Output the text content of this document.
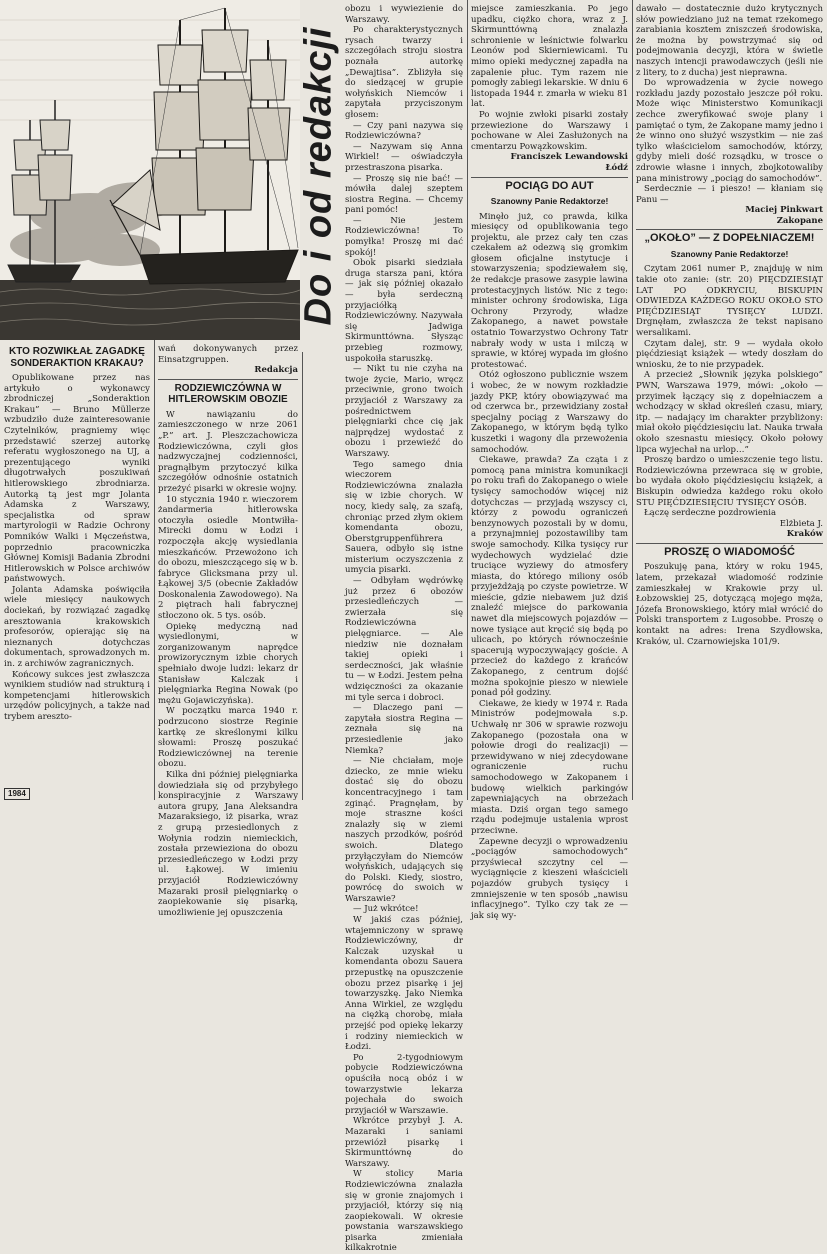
Do i od redakcji
KTO ROZWIKŁAŁ ZAGADKĘ SONDERAKTION KRAKAU?

Opublikowane przez nas artykuło o wykonawcy zbrodniczej „Sonderaktion Krakau” — Bruno Müllerze wzbudziło duże zainteresowanie Czytelników, pragniemy więc przedstawić szerzej autorkę referatu wygłoszonego na UJ, a prezentującego wyniki długotrwałych poszukiwań hitlerowskiego zbrodniarza. Autorką tą jest mgr Jolanta Adamska z Warszawy, specjalistka od spraw martyrologii w Radzie Ochrony Pomników Walki i Męczeństwa, poprzednio pracowniczka Głównej Komisji Badania Zbrodni Hitlerowskich w Polsce archiwów państwowych.

Jolanta Adamska poświęciła wiele miesięcy naukowych dociekań, by rozwiązać zagadkę aresztowania krakowskich profesorów, opierając się na nieznanych dotychczas dokumentach, sprowadzonych m. in. z archiwów zagranicznych.

Końcowy sukces jest zwłaszcza wynikiem studiów nad strukturą i kompetencjami hitlerowskich urzędów policyjnych, a także nad trybem areszto-

1984

wań dokonywanych przez Einsatzgruppen.

Redakcja
RODZIEWICZÓWNA W HITLEROWSKIM OBOZIE

W nawiązaniu do zamieszczonego w nrze 2061 „P.” art. J. Pleszczachowicza Rodziewiczówna, czyli głos nadzwyczajnej codzienności, pragnąłbym przytoczyć kilka szczegółów odnośnie ostatnich przeżyć pisarki w okresie wojny.

10 stycznia 1940 r. wieczorem żandarmeria hitlerowska otoczyła osiedle Montwiłła-Mirecki domu w Łodzi i rozpoczęła akcję wysiedlania mieszkańców. Przewożono ich do obozu, mieszczącego się w b. fabryce Glicksmana przy ul. Łąkowej 3/5 (obecnie Zakładów Doskonalenia Zawodowego). Na 2 piętrach hali fabrycznej stłoczono ok. 5 tys. osób.

Opiekę medyczną nad wysiedlonymi, w zorganizowanym naprędce prowizorycznym izbie chorych spełniało dwoje ludzi: lekarz dr Stanisław Kalczak i pielęgniarka Regina Nowak (po mężu Gojawiczyńska).

W początku marca 1940 r. podrzucono siostrze Reginie kartkę ze skreślonymi kilku słowami: Proszę poszukać Rodziewiczównej na terenie obozu.

Kilka dni później pielęgniarka dowiedziała się od przybyłego konspiracyjnie z Warszawy autora grupy, Jana Aleksandra Mazaraksiego, iż pisarka, wraz z grupą przesiedlonych z Wołynia rodzin niemieckich, została przewieziona do obozu przesiedleńczego w Łodzi przy ul. Łąkowej. W imieniu przyjaciół Rodziewiczówny Mazaraki prosił pielęgniarkę o zaopiekowanie się pisarką, umożliwienie jej opuszczenia

obozu i wywiezienie do Warszawy.

Po charakterystycznych rysach twarzy i szczegółach stroju siostra poznała autorkę „Dewajtisa”. Zbliżyła się do siedzącej w grupie wołyńskich Niemców i zapytała przyciszonym głosem:

— Czy pani nazywa się Rodziewiczówna?

— Nazywam się Anna Wirkiel! — oświadczyła przestraszona pisarka.

— Proszę się nie bać! — mówiła dalej szeptem siostra Regina. — Chcemy pani pomóc!

— Nie jestem Rodziewiczówna! To pomyłka! Proszę mi dać spokój!

Obok pisarki siedziała druga starsza pani, która — jak się później okazało — była serdeczną przyjaciółką Rodziewiczówny. Nazywała się Jadwiga Skirmunttówna. Słysząc przebieg rozmowy, uspokoiła staruszkę.

— Nikt tu nie czyha na twoje życie, Mario, wręcz przeciwnie, grono twoich przyjaciół z Warszawy za pośrednictwem pielęgniarki chce cię jak najprędzej wydostać z obozu i przewieźć do Warszawy.

Tego samego dnia wieczorem Rodziewiczówna znalazła się w izbie chorych. W nocy, kiedy salę, za szafą, chroniąc przed złym okiem komendanta obozu, Oberstgruppenführera Sauera, odbyło się istne misterium oczyszczenia z umycia pisarki.

— Odbyłam wędrówkę już przez 6 obozów przesiedleńczych — zwierzała się Rodziewiczówna pielęgniarce. — Ale niedziw nie doznałam takiej opieki i serdeczności, jak właśnie tu — w Łodzi. Jestem pełna wdzięczności za okazanie mi tyle serca i dobroci.

— Dlaczego pani — zapytała siostra Regina — zeznała się na przesiedlenie jako Niemka?

— Nie chciałam, moje dziecko, ze mnie wieku dostać się do obozu koncentracyjnego i tam zginąć. Pragnęłam, by moje straszne kości znalazły się w ziemi naszych przodków, pośród swoich. Dlatego przyłączyłam do Niemców wołyńskich, udających się do Polski. Kiedy, siostro, powrócę do swoich w Warszawie?

— Już wkrótce!

W jakiś czas później, wtajemniczony w sprawę Rodziewiczówny, dr Kalczak uzyskał u komendanta obozu Sauera przepustkę na opuszczenie obozu przez pisarkę i jej towarzyszkę. Jako Niemka Anna Wirkiel, ze względu na ciężką chorobę, miała przejść pod opiekę lekarzy i rodziny niemieckich w Łodzi.

Po 2-tygodniowym pobycie Rodziewiczówna opuściła nocą obóz i w towarzystwie lekarza pojechała do swoich przyjaciół w Warszawie.

Wkrótce przybył J. A. Mazaraki i saniami przewiózł pisarkę i Skirmunttównę do Warszawy.

W stolicy Maria Rodziewiczówna znalazła się w gronie znajomych i przyjaciół, którzy się nią zaopiekowali. W okresie powstania warszawskiego pisarka zmieniała kilkakrotnie

miejsce zamieszkania. Po jego upadku, ciężko chora, wraz z J. Skirmunttówną znalazła schronienie w leśnictwie folwarku Leonów pod Skierniewicami. Tu mimo opieki medycznej zapadła na zapalenie płuc. Tym razem nie pomogły zabiegi lekarskie. W dniu 6 listopada 1944 r. zmarła w wieku 81 lat.

Po wojnie zwłoki pisarki zostały przewiezione do Warszawy i pochowane w Alei Zasłużonych na cmentarzu Powązkowskim.

Franciszek Lewandowski
Łódź
POCIĄG DO AUT
Szanowny Panie Redaktorze!

Minęło już, co prawda, kilka miesięcy od opublikowania tego projektu, ale przez cały ten czas czekałem aż odezwą się gromkim głosem oficjalne instytucje i stowarzyszenia; spodziewałem się, że redakcje prasowe zasypie lawina protestacyjnych listów. Nic z tego: minister ochrony środowiska, Liga Ochrony Przyrody, władze Zakopanego, a nawet powstałe ostatnio Towarzystwo Ochrony Tatr nabrały wody w usta i milczą w sprawie, w której wypada im głośno protestować.

Otóż ogłoszono publicznie wszem i wobec, że w nowym rozkładzie jazdy PKP, który obowiązywać ma od czerwca br., przewidziany został specjalny pociąg z Warszawy do Zakopanego, w którym będą tylko kuszetki i wagony dla przewożenia samochodów.

Ciekawe, prawda? Za cząta i z pomocą pana ministra komunikacji po roku trafi do Zakopanego o wiele tysięcy samochodów więcej niż dotychczas — przyjadą wszyscy ci, którzy z powodu ograniczeń benzynowych pozostali by w domu, a przynajmniej pozostawiliby tam swoje samochody. Kilka tysięcy rur wydechowych wydzielać dzie truciące wyziewy do atmosfery miasta, do którego miliony osób przyjeżdżają po czyste powietrze. W mieście, gdzie niebawem już dziś znaleźć miejsce do parkowania nawet dla miejscowych pojazdów — nowe tysiące aut kręcić się będą po ulicach, po których równocześnie spacerują wypoczywający goście. A przecież do każdego z krańców Zakopanego, z centrum dojść można spokojnie pieszo w niewiele ponad pół godziny.

Ciekawe, że kiedy w 1974 r. Rada Ministrów podejmowała s.p. Uchwałę nr 306 w sprawie rozwoju Zakopanego (pozostała ona w połowie drogi do realizacji) — przewidywano w niej zdecydowane ograniczenie ruchu samochodowego w Zakopanem i budowę wielkich parkingów zapewniających na obrzeżach miasta. Dziś organ tego samego rządu podejmuje ustalenia wprost przeciwne.

Zapewne decyzji o wprowadzeniu „pociągów samochodowych” przyświecał szczytny cel — wyciągnięcie z kieszeni właścicieli pojazdów grubych tysięcy i zmniejszenie w ten sposób „nawisu inflacyjnego”. Tylko czy tak ze — jak się wy-

dawało — dostatecznie dużo krytycznych słów powiedziano już na temat rzekomego zarabiania kosztem zniszczeń środowiska, że można by powstrzymać się od podejmowania decyzji, która w świetle naszych intencji prawodawczych (jeśli nie z litery, to z ducha) jest nieprawna.

Do wprowadzenia w życie nowego rozkładu jazdy pozostało jeszcze pół roku. Może więc Ministerstwo Komunikacji zechce zweryfikować swoje plany i pamiętać o tym, że Zakopane mamy jedno i że winno ono służyć wszystkim — nie zaś tylko właścicielom samochodów, którzy, gdyby mieli dość rozsądku, w trosce o zdrowie własne i innych, zbojkotowaliby pana ministrowy „pociąg do samochodów”.

Serdecznie — i pieszo! — kłaniam się Panu —

Maciej Pinkwart
Zakopane
„OKOŁO” — Z DOPEŁNIACZEM!
Szanowny Panie Redaktorze!

Czytam 2061 numer P., znajduję w nim takie oto zanie: (str. 20) PIĘCDZIESIĄT LAT PO ODKRYCIU, BISKUPIN ODWIEDZA KAŻDEGO ROKU OKOŁO STO PIĘĆDZIESIĄT TYSIĘCY LUDZI. Drgnęłam, zwłaszcza że tekst napisano wersalikami.

Czytam dalej, str. 9 — wydała około pięćdziesiąt książek — wtedy doszłam do wniosku, że to nie przypadek.

A przecież „Słownik języka polskiego” PWN, Warszawa 1979, mówi: „około — przyimek łączący się z dopełniaczem a wchodzący w skład określeń czasu, miary, itp. — nadający im charakter przybliżony: miał około pięćdziesięciu lat. Nauka trwała około szesnastu miesięcy. Około połowy lipca wyjechał na urlop…”

Proszę bardzo o umieszczenie tego listu. Rodziewiczówna przewraca się w grobie, bo wydała około pięćdziesięciu książek, a Biskupin odwiedza każdego roku około STU PIĘĆDZIESIĘCIU TYSIĘCY OSÓB.

Łączę serdeczne pozdrowienia

Elżbieta J.
Kraków
PROSZĘ O WIADOMOŚĆ

Poszukuję pana, który w roku 1945, latem, przekazał wiadomość rodzinie zamieszkałej w Krakowie przy ul. Łobzowskiej 25, dotyczącą mojego męża, Józefa Bronowskiego, który miał wrócić do Polski transportem z Lugosobbe. Proszę o kontakt na adres: Irena Szydłowska, Kraków, ul. Czarnowiejska 101/9.
